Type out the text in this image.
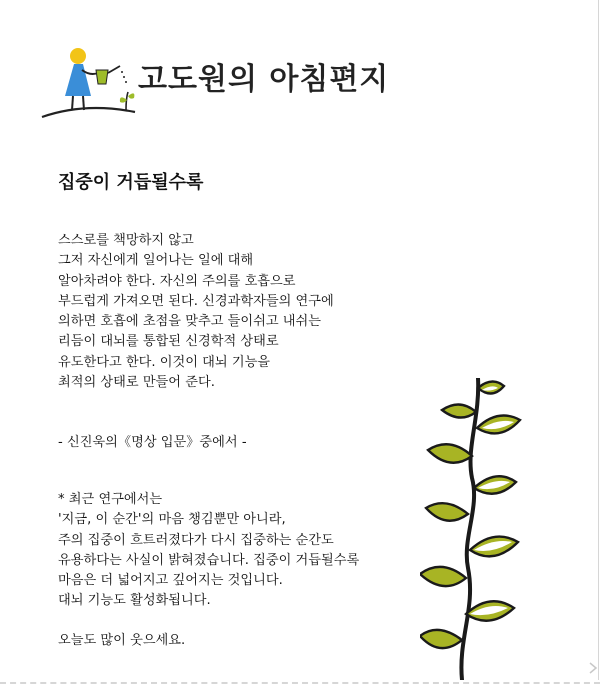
고도원의 아침편지
집중이 거듭될수록
스스로를 책망하지 않고
그저 자신에게 일어나는 일에 대해
알아차려야 한다. 자신의 주의를 호흡으로
부드럽게 가져오면 된다. 신경과학자들의 연구에
의하면 호흡에 초점을 맞추고 들이쉬고 내쉬는
리듬이 대뇌를 통합된 신경학적 상태로
유도한다고 한다. 이것이 대뇌 기능을
최적의 상태로 만들어 준다.
- 신진욱의《명상 입문》중에서 -
* 최근 연구에서는
'지금, 이 순간'의 마음 챙김뿐만 아니라,
주의 집중이 흐트러졌다가 다시 집중하는 순간도
유용하다는 사실이 밝혀졌습니다. 집중이 거듭될수록
마음은 더 넓어지고 깊어지는 것입니다.
대뇌 기능도 활성화됩니다.
오늘도 많이 웃으세요.
